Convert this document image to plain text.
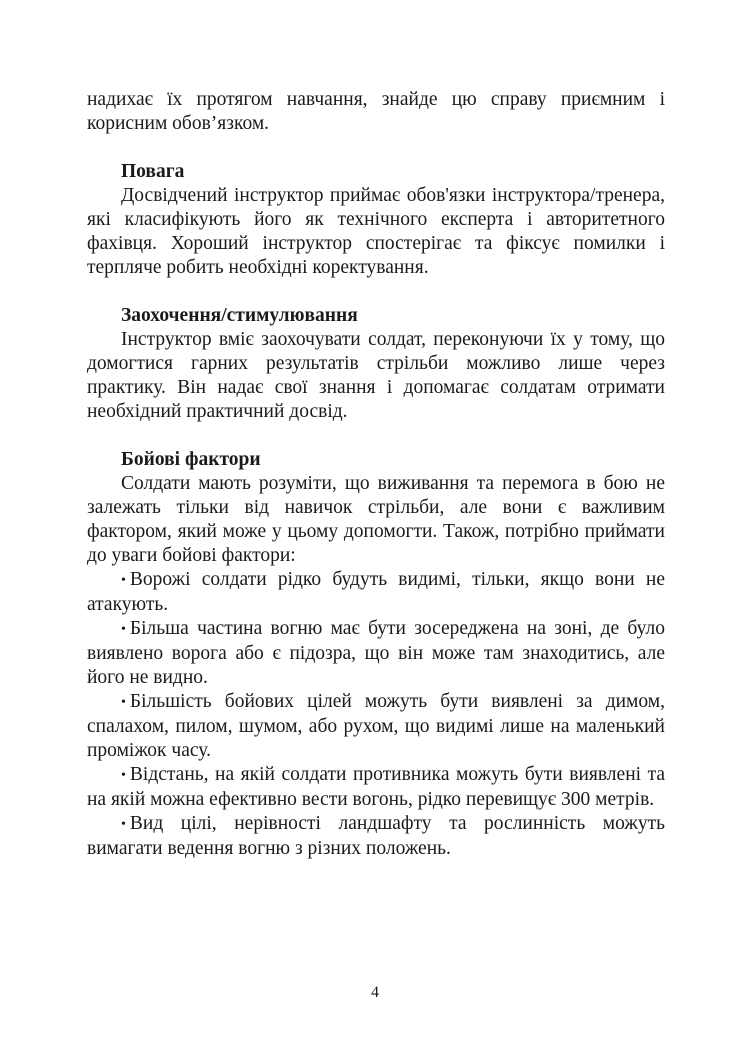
надихає їх протягом навчання, знайде цю справу приємним і корисним обов’язком.

Повага

Досвідчений інструктор приймає обов'язки інструктора/тренера, які класифікують його як технічного експерта і авторитетного фахівця. Хороший інструктор спостерігає та фіксує помилки і терпляче робить необхідні коректування.

Заохочення/стимулювання

Інструктор вміє заохочувати солдат, переконуючи їх у тому, що домогтися гарних результатів стрільби можливо лише через практику. Він надає свої знання і допомагає солдатам отримати необхідний практичний досвід.

Бойові фактори

Солдати мають розуміти, що виживання та перемога в бою не залежать тільки від навичок стрільби, але вони є важливим фактором, який може у цьому допомогти. Також, потрібно приймати до уваги бойові фактори:

• Ворожі солдати рідко будуть видимі, тільки, якщо вони не атакують.

• Більша частина вогню має бути зосереджена на зоні, де було виявлено ворога або є підозра, що він може там знаходитись, але його не видно.

• Більшість бойових цілей можуть бути виявлені за димом, спалахом, пилом, шумом, або рухом, що видимі лише на маленький проміжок часу.

• Відстань, на якій солдати противника можуть бути виявлені та на якій можна ефективно вести вогонь, рідко перевищує 300 метрів.

• Вид цілі, нерівності ландшафту та рослинність можуть вимагати ведення вогню з різних положень.

4
